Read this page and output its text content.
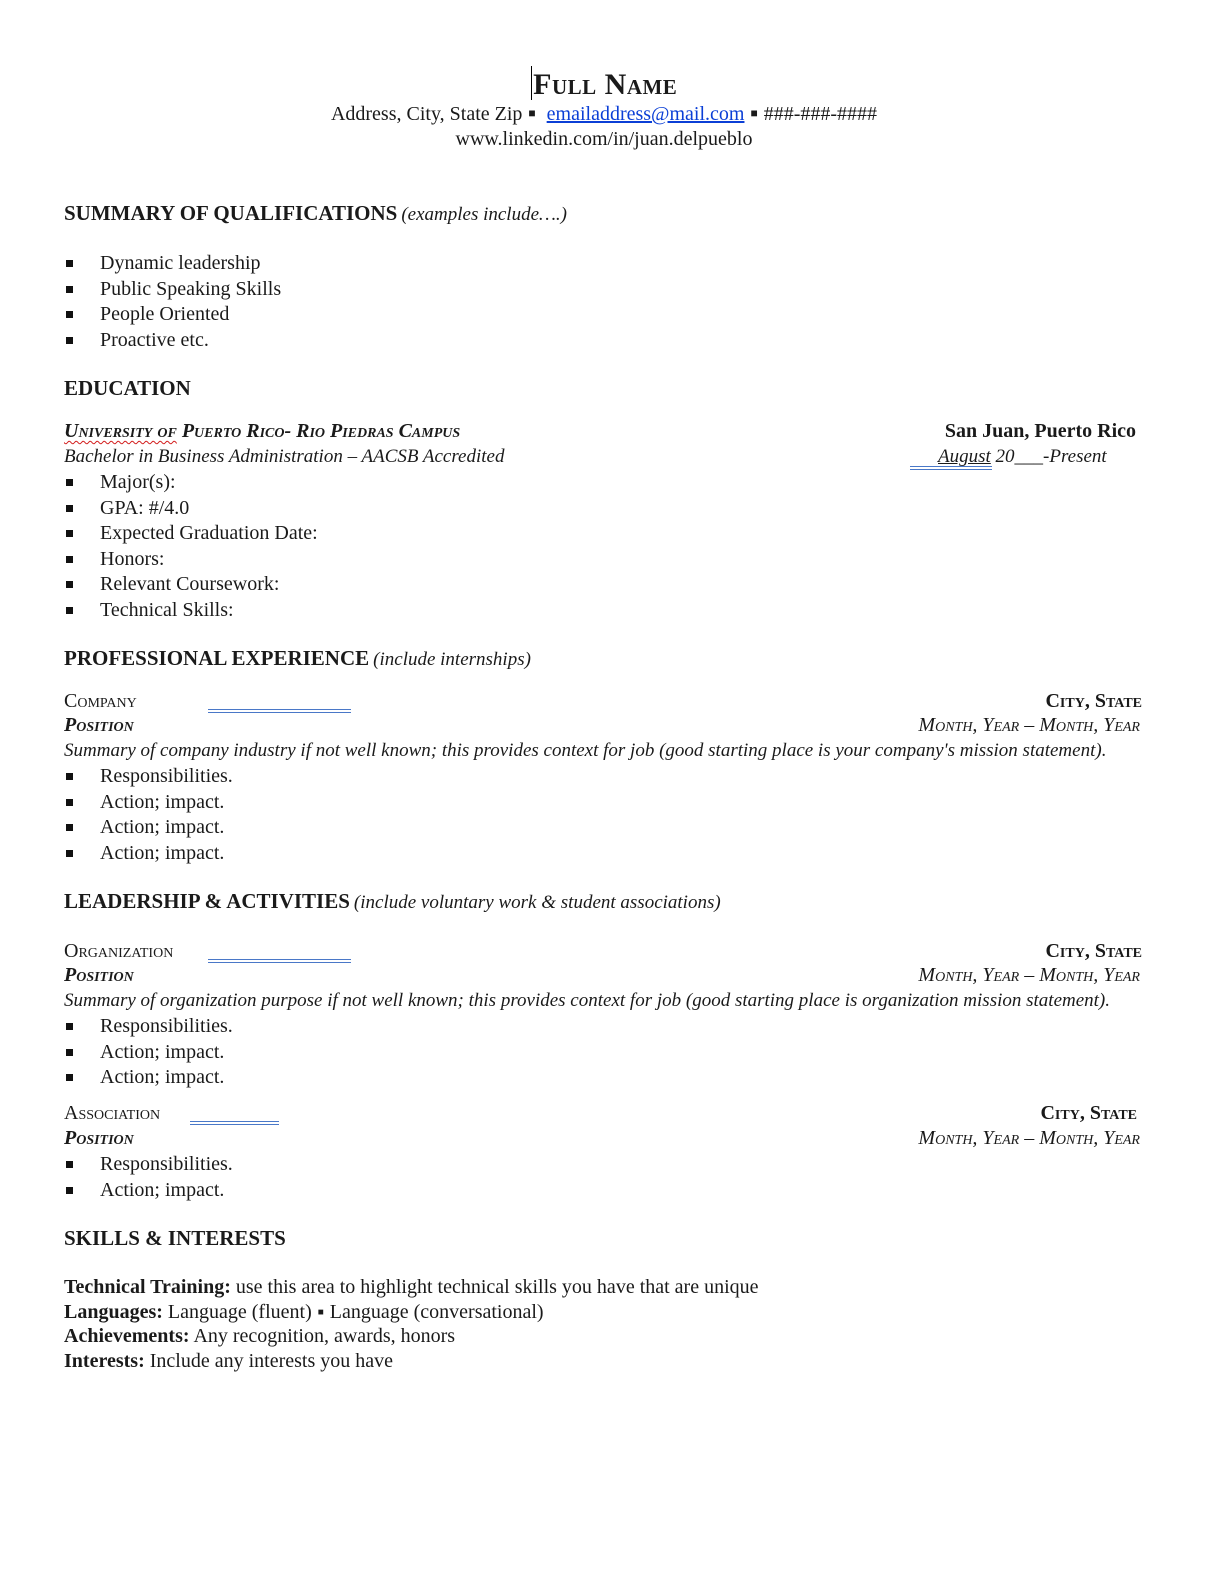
Full Name
Address, City, State Zip ■ emailaddress@mail.com ■ ###-###-####
www.linkedin.com/in/juan.delpueblo
SUMMARY OF QUALIFICATIONS (examples include….)
Dynamic leadership
Public Speaking Skills
People Oriented
Proactive etc.
EDUCATION
University of Puerto Rico- Rio Piedras Campus	San Juan, Puerto Rico
Bachelor in Business Administration – AACSB Accredited	August 20___-Present
Major(s):
GPA: #/4.0
Expected Graduation Date:
Honors:
Relevant Coursework:
Technical Skills:
PROFESSIONAL EXPERIENCE (include internships)
Company	City, State
Position	Month, Year – Month, Year
Summary of company industry if not well known; this provides context for job (good starting place is your company's mission statement).
Responsibilities.
Action; impact.
Action; impact.
Action; impact.
LEADERSHIP & ACTIVITIES (include voluntary work & student associations)
Organization	City, State
Position	Month, Year – Month, Year
Summary of organization purpose if not well known; this provides context for job (good starting place is organization mission statement).
Responsibilities.
Action; impact.
Action; impact.
Association	City, State
Position	Month, Year – Month, Year
Responsibilities.
Action; impact.
SKILLS & INTERESTS
Technical Training: use this area to highlight technical skills you have that are unique
Languages: Language (fluent) ■ Language (conversational)
Achievements: Any recognition, awards, honors
Interests: Include any interests you have
